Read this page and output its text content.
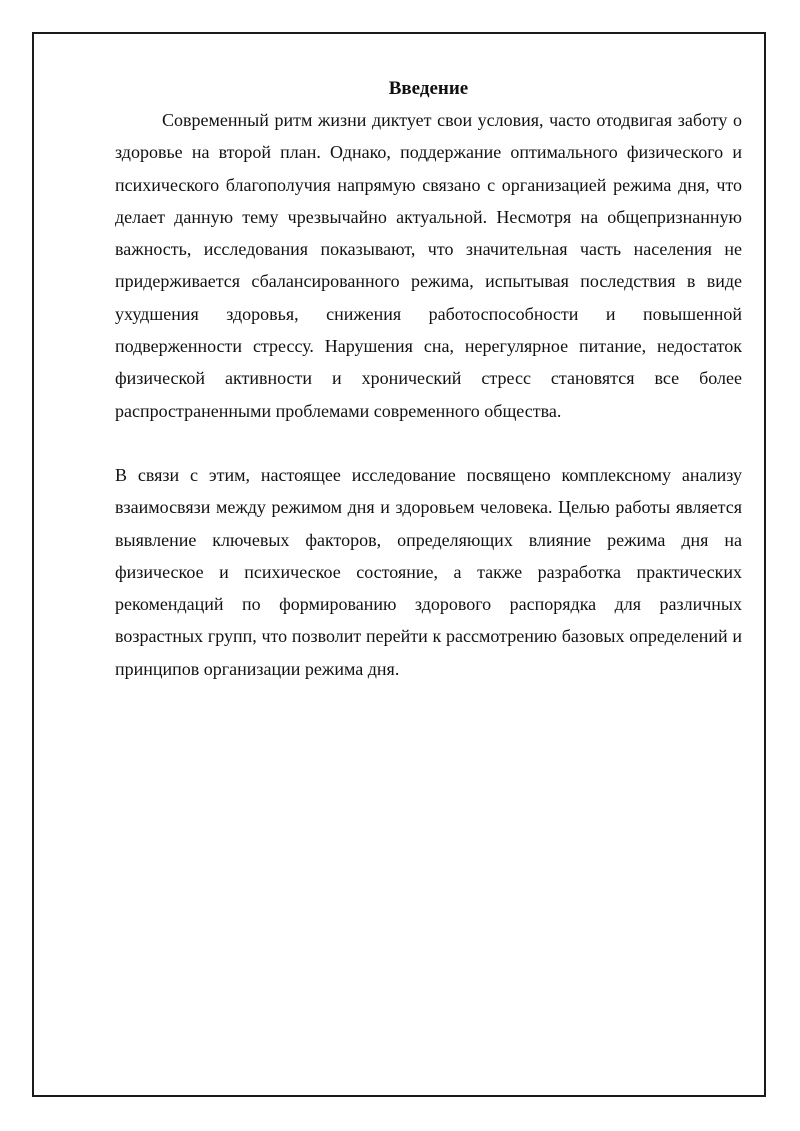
Введение

Современный ритм жизни диктует свои условия, часто отодвигая заботу о здоровье на второй план. Однако, поддержание оптимального физического и психического благополучия напрямую связано с организацией режима дня, что делает данную тему чрезвычайно актуальной. Несмотря на общепризнанную важность, исследования показывают, что значительная часть населения не придерживается сбалансированного режима, испытывая последствия в виде ухудшения здоровья, снижения работоспособности и повышенной подверженности стрессу. Нарушения сна, нерегулярное питание, недостаток физической активности и хронический стресс становятся все более распространенными проблемами современного общества.

В связи с этим, настоящее исследование посвящено комплексному анализу взаимосвязи между режимом дня и здоровьем человека. Целью работы является выявление ключевых факторов, определяющих влияние режима дня на физическое и психическое состояние, а также разработка практических рекомендаций по формированию здорового распорядка для различных возрастных групп, что позволит перейти к рассмотрению базовых определений и принципов организации режима дня.
